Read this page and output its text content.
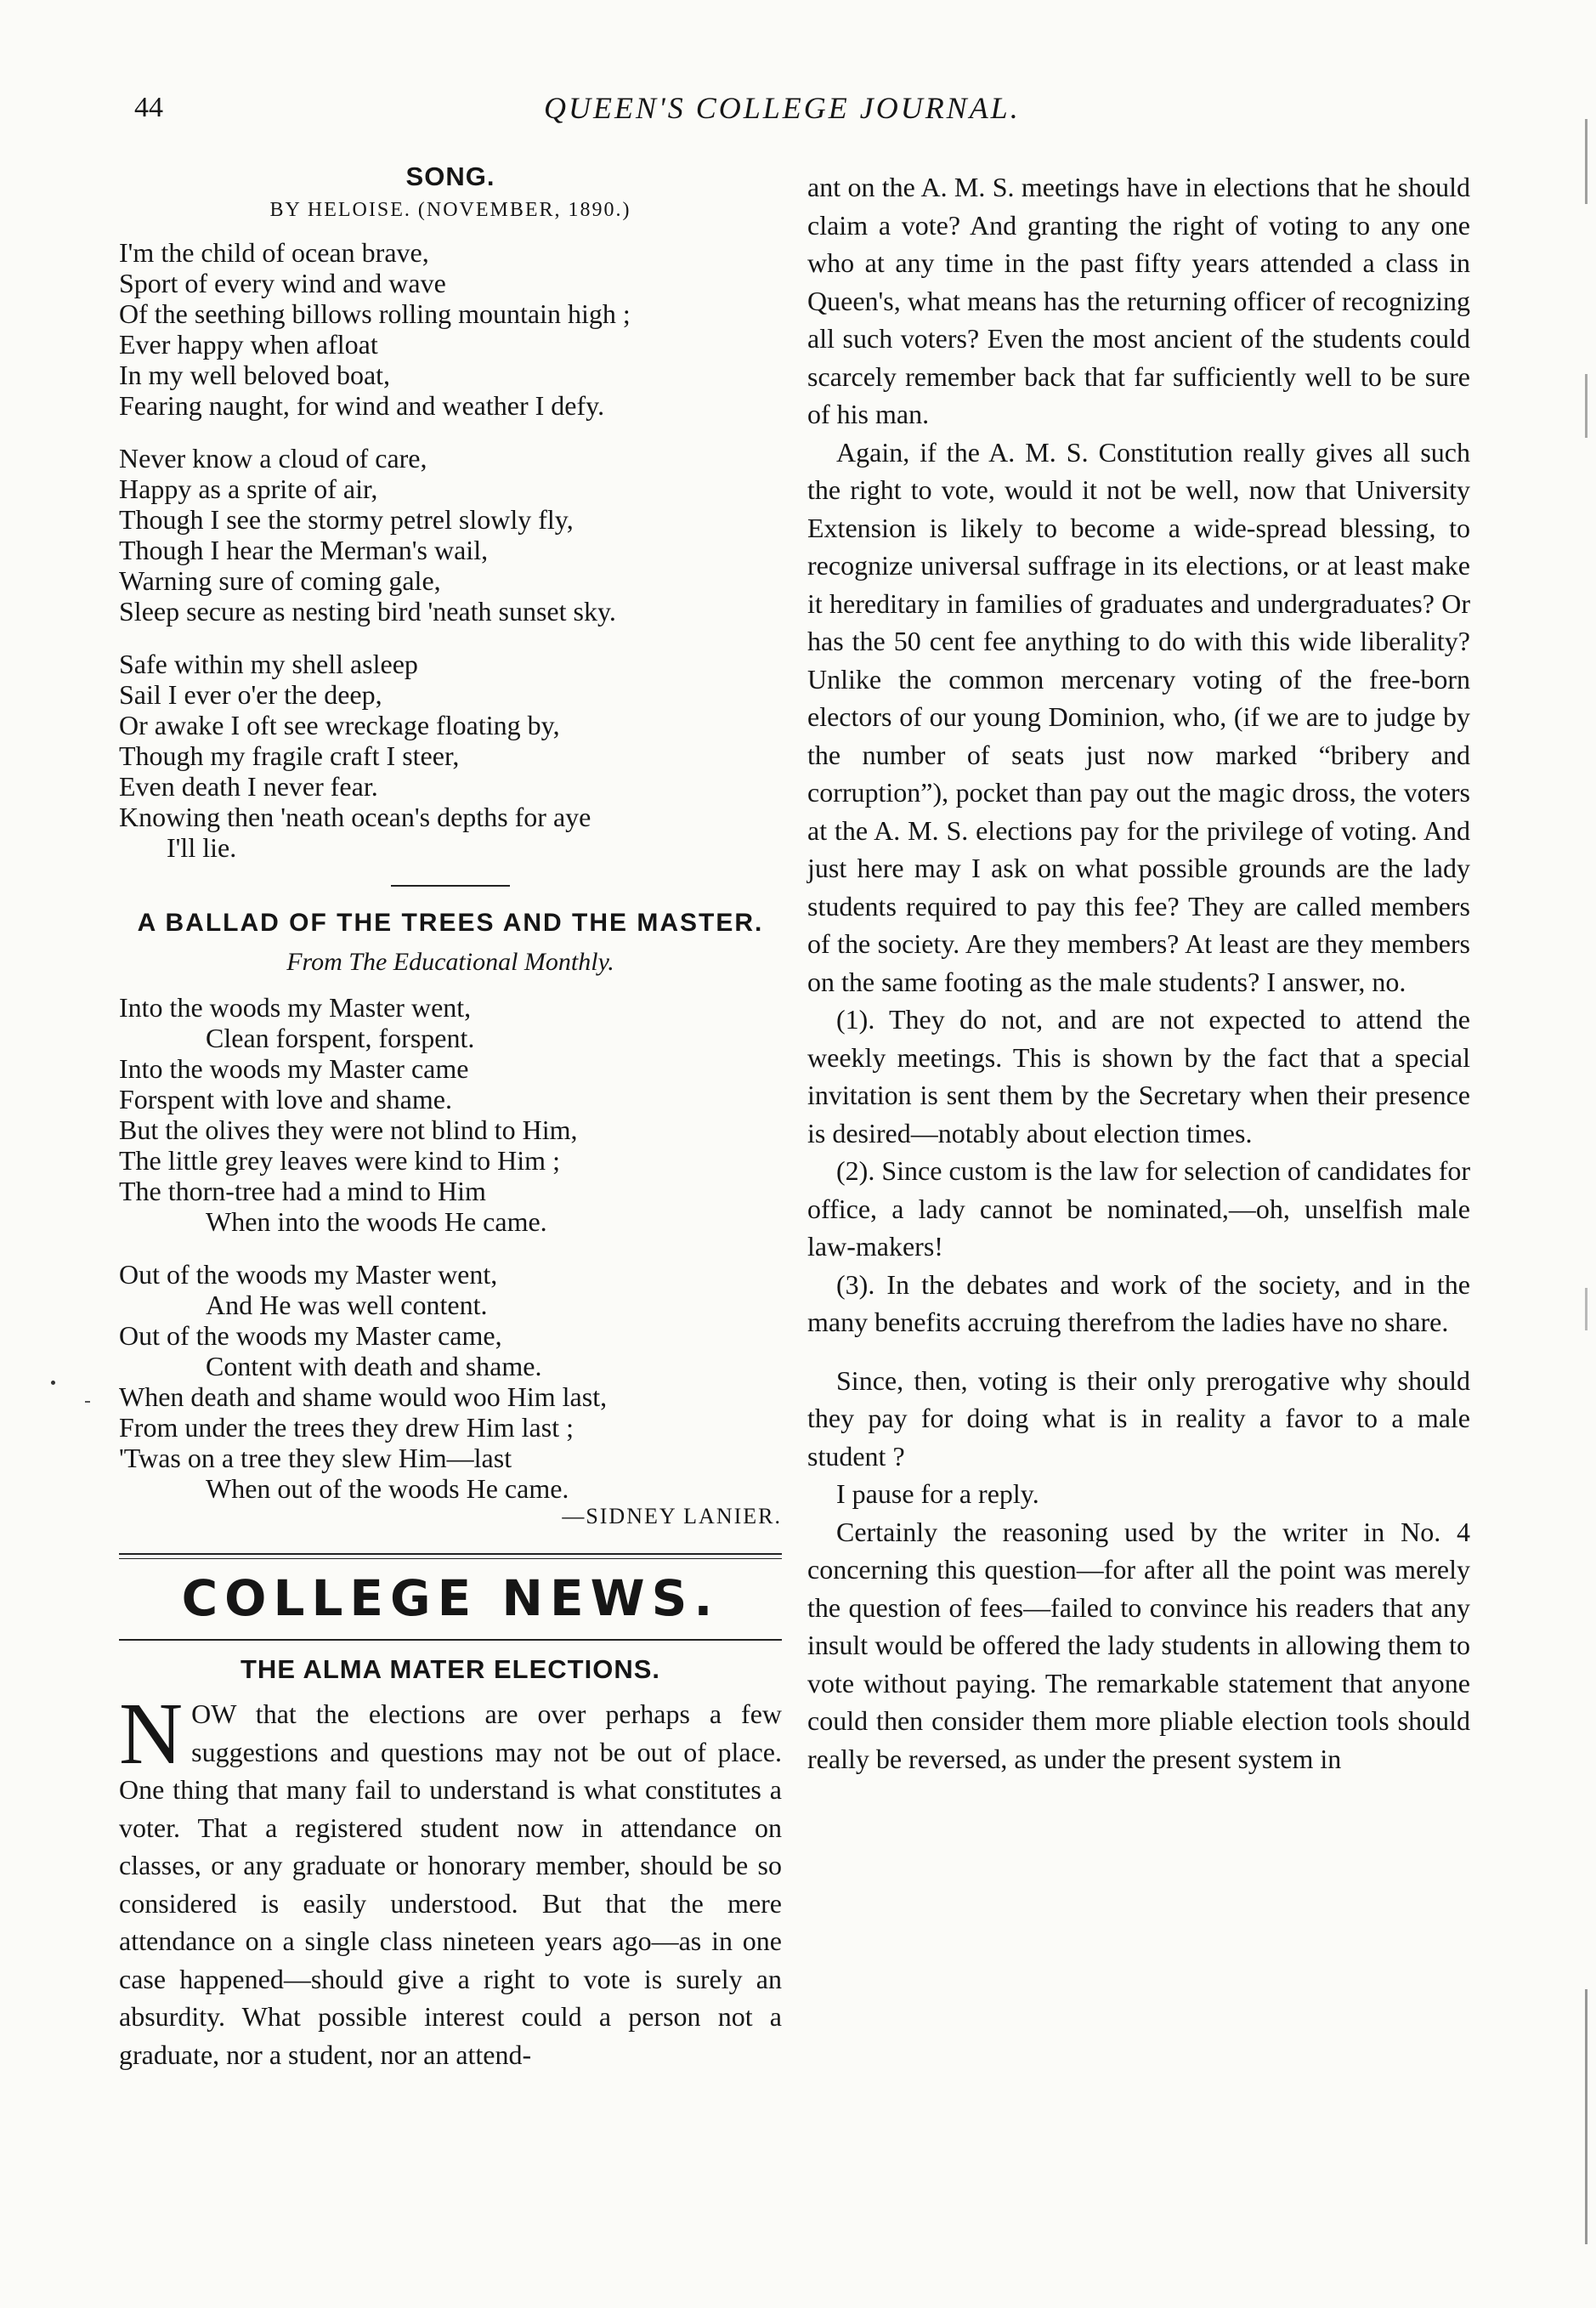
44	QUEEN'S COLLEGE JOURNAL.
SONG.
BY HELOISE. (NOVEMBER, 1890.)
I'm the child of ocean brave,
Sport of every wind and wave
Of the seething billows rolling mountain high ;
Ever happy when afloat
In my well beloved boat,
Fearing naught, for wind and weather I defy.
Never know a cloud of care,
Happy as a sprite of air,
Though I see the stormy petrel slowly fly,
Though I hear the Merman's wail,
Warning sure of coming gale,
Sleep secure as nesting bird 'neath sunset sky.
Safe within my shell asleep
Sail I ever o'er the deep,
Or awake I oft see wreckage floating by,
Though my fragile craft I steer,
Even death I never fear.
Knowing then 'neath ocean's depths for aye
I'll lie.
A BALLAD OF THE TREES AND THE MASTER.
From The Educational Monthly.
Into the woods my Master went,
Clean forspent, forspent.
Into the woods my Master came
Forspent with love and shame.
But the olives they were not blind to Him,
The little grey leaves were kind to Him ;
The thorn-tree had a mind to Him
When into the woods He came.
Out of the woods my Master went,
And He was well content.
Out of the woods my Master came,
Content with death and shame.
When death and shame would woo Him last,
From under the trees they drew Him last ;
'Twas on a tree they slew Him—last
When out of the woods He came.
—SIDNEY LANIER.
COLLEGE NEWS.
THE ALMA MATER ELECTIONS.

NOW that the elections are over perhaps a few suggestions and questions may not be out of place. One thing that many fail to understand is what constitutes a voter. That a registered student now in attendance on classes, or any graduate or honorary member, should be so considered is easily understood. But that the mere attendance on a single class nineteen years ago—as in one case happened—should give a right to vote is surely an absurdity. What possible interest could a person not a graduate, nor a student, nor an attend-

ant on the A. M. S. meetings have in elections that he should claim a vote? And granting the right of voting to any one who at any time in the past fifty years attended a class in Queen's, what means has the returning officer of recognizing all such voters? Even the most ancient of the students could scarcely remember back that far sufficiently well to be sure of his man.

Again, if the A. M. S. Constitution really gives all such the right to vote, would it not be well, now that University Extension is likely to become a wide-spread blessing, to recognize universal suffrage in its elections, or at least make it hereditary in families of graduates and undergraduates? Or has the 50 cent fee anything to do with this wide liberality? Unlike the common mercenary voting of the free-born electors of our young Dominion, who, (if we are to judge by the number of seats just now marked “bribery and corruption”), pocket than pay out the magic dross, the voters at the A. M. S. elections pay for the privilege of voting. And just here may I ask on what possible grounds are the lady students required to pay this fee? They are called members of the society. Are they members? At least are they members on the same footing as the male students? I answer, no.

(1). They do not, and are not expected to attend the weekly meetings. This is shown by the fact that a special invitation is sent them by the Secretary when their presence is desired—notably about election times.

(2). Since custom is the law for selection of candidates for office, a lady cannot be nominated,—oh, unselfish male law-makers!

(3). In the debates and work of the society, and in the many benefits accruing therefrom the ladies have no share.

Since, then, voting is their only prerogative why should they pay for doing what is in reality a favor to a male student ?

I pause for a reply.

Certainly the reasoning used by the writer in No. 4 concerning this question—for after all the point was merely the question of fees—failed to convince his readers that any insult would be offered the lady students in allowing them to vote without paying. The remarkable statement that anyone could then consider them more pliable election tools should really be reversed, as under the present system in
